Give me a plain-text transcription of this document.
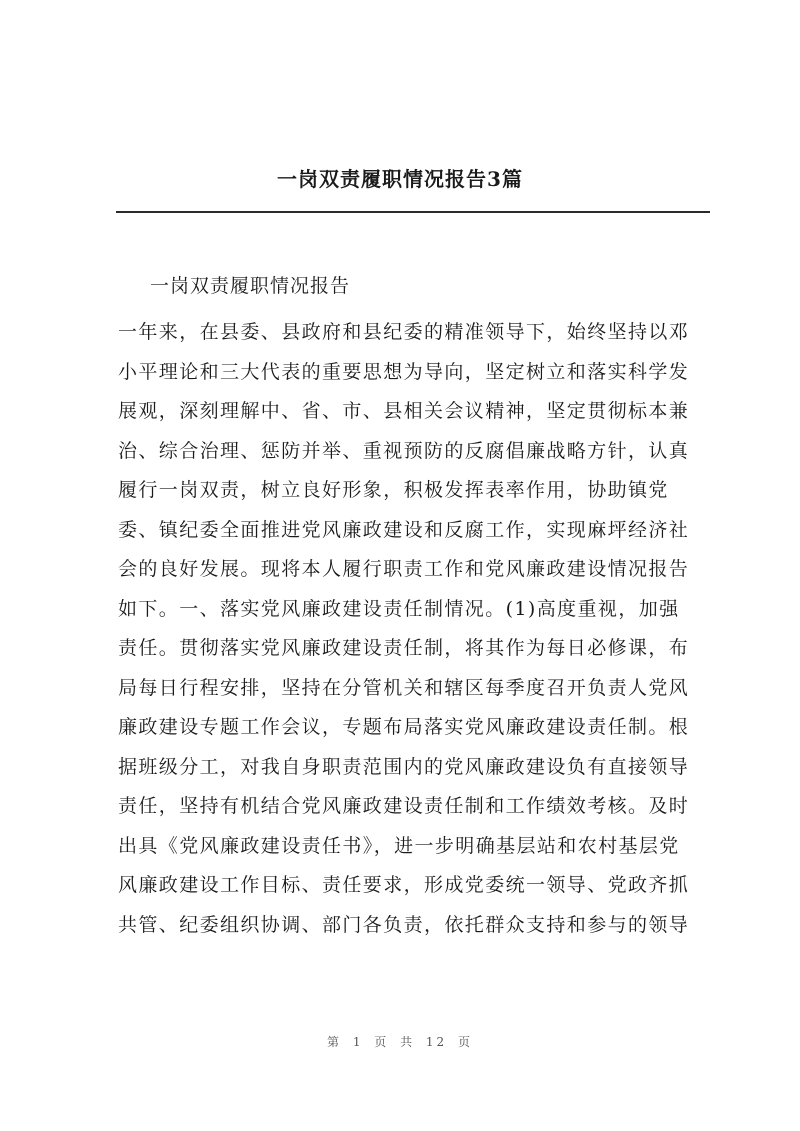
一岗双责履职情况报告3篇

一岗双责履职情况报告

一年来，在县委、县政府和县纪委的精准领导下，始终坚持以邓
小平理论和三大代表的重要思想为导向，坚定树立和落实科学发
展观，深刻理解中、省、市、县相关会议精神，坚定贯彻标本兼
治、综合治理、惩防并举、重视预防的反腐倡廉战略方针，认真
履行一岗双责，树立良好形象，积极发挥表率作用，协助镇党
委、镇纪委全面推进党风廉政建设和反腐工作，实现麻坪经济社
会的良好发展。现将本人履行职责工作和党风廉政建设情况报告
如下。一、落实党风廉政建设责任制情况。(1)高度重视，加强
责任。贯彻落实党风廉政建设责任制，将其作为每日必修课，布
局每日行程安排，坚持在分管机关和辖区每季度召开负责人党风
廉政建设专题工作会议，专题布局落实党风廉政建设责任制。根
据班级分工，对我自身职责范围内的党风廉政建设负有直接领导
责任，坚持有机结合党风廉政建设责任制和工作绩效考核。及时
出具《党风廉政建设责任书》，进一步明确基层站和农村基层党
风廉政建设工作目标、责任要求，形成党委统一领导、党政齐抓
共管、纪委组织协调、部门各负责，依托群众支持和参与的领导
第 1 页 共 12 页
